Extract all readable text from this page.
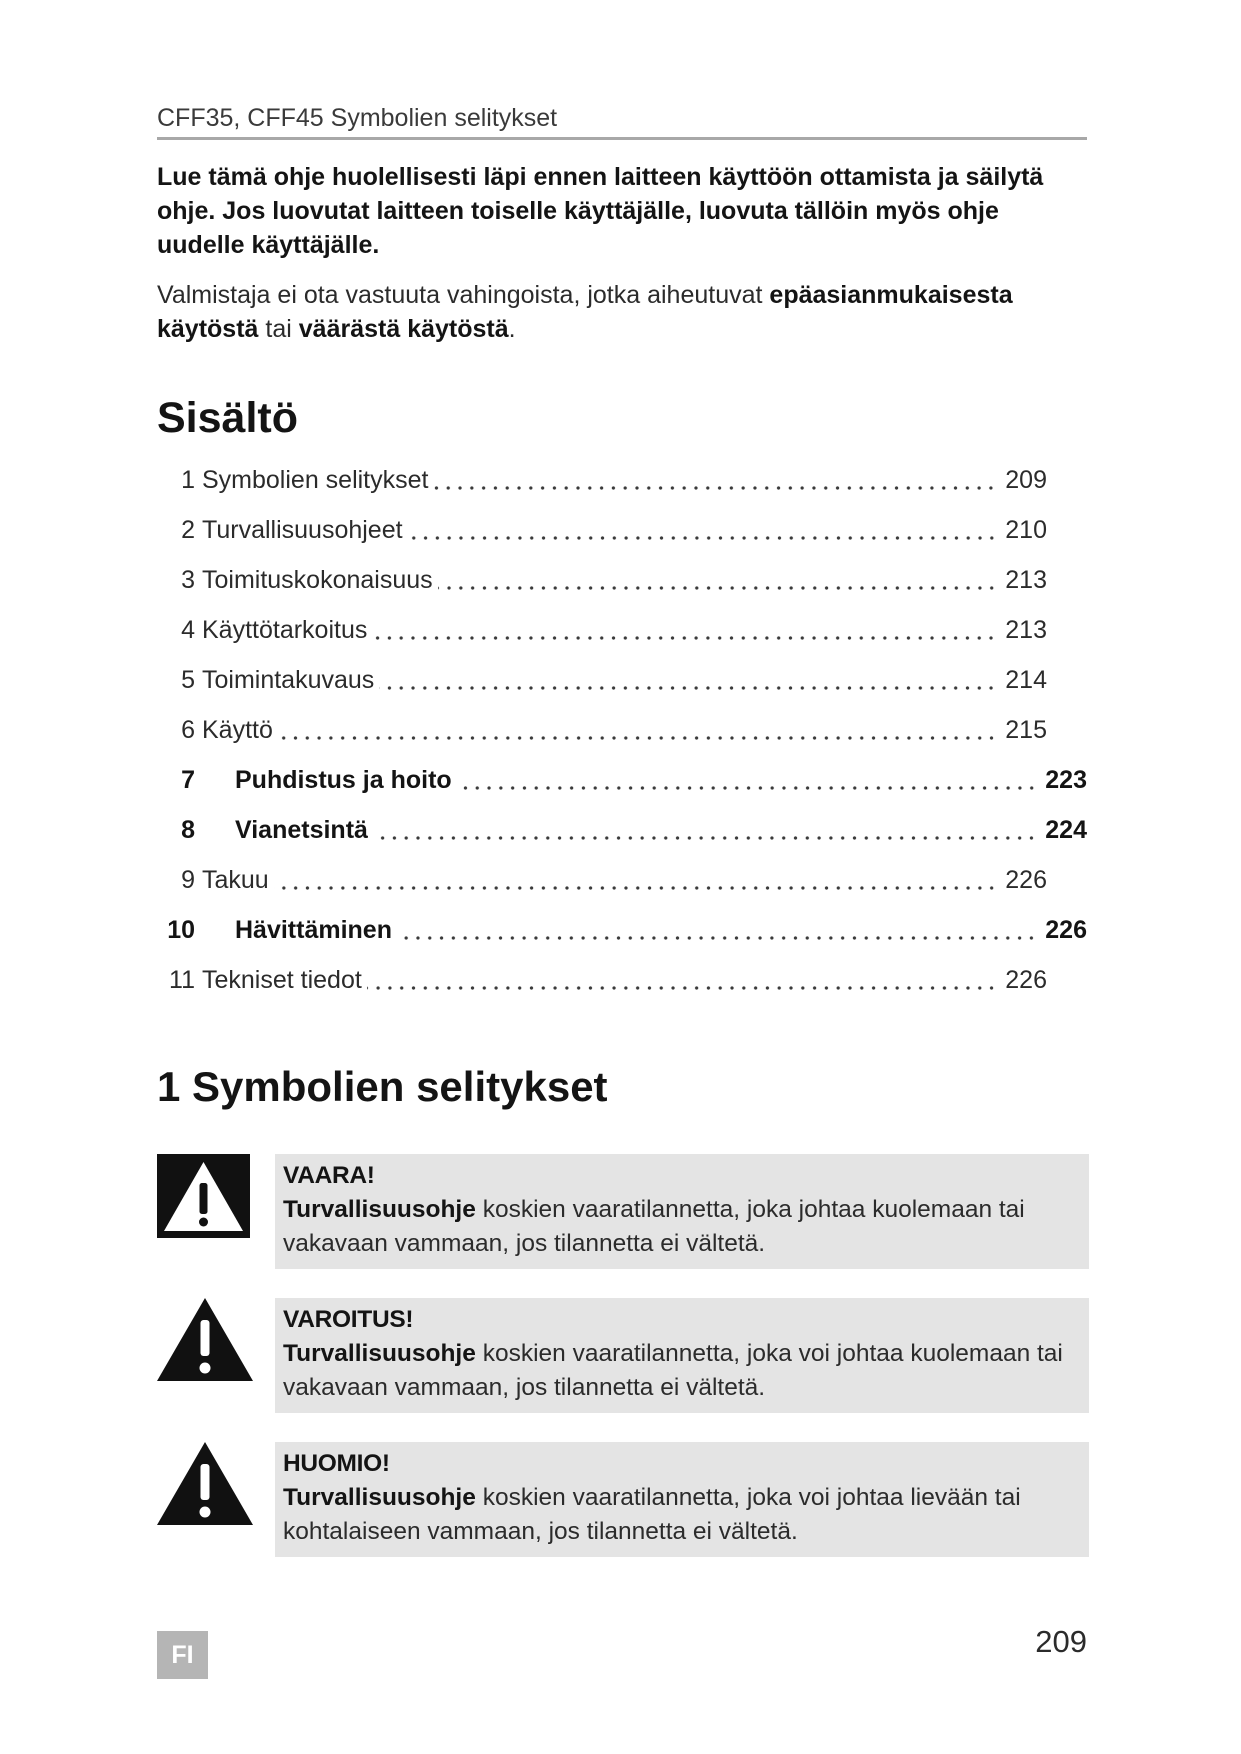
CFF35, CFF45 Symbolien selitykset
Lue tämä ohje huolellisesti läpi ennen laitteen käyttöön ottamista ja säilytä
ohje. Jos luovutat laitteen toiselle käyttäjälle, luovuta tällöin myös ohje
uudelle käyttäjälle.
Valmistaja ei ota vastuuta vahingoista, jotka aiheutuvat epäasianmukaisesta
käytöstä tai väärästä käytöstä.
Sisältö
1 Symbolien selitykset	209
2 Turvallisuusohjeet	210
3 Toimituskokonaisuus	213
4 Käyttötarkoitus	213
5 Toimintakuvaus	214
6 Käyttö	215
7 Puhdistus ja hoito	223
8 Vianetsintä	224
9 Takuu	226
10 Hävittäminen	226
11 Tekniset tiedot	226
1 Symbolien selitykset
VAARA!
Turvallisuusohje koskien vaaratilannetta, joka johtaa kuolemaan tai
vakavaan vammaan, jos tilannetta ei vältetä.
VAROITUS!
Turvallisuusohje koskien vaaratilannetta, joka voi johtaa kuolemaan tai
vakavaan vammaan, jos tilannetta ei vältetä.
HUOMIO!
Turvallisuusohje koskien vaaratilannetta, joka voi johtaa lievään tai
kohtalaiseen vammaan, jos tilannetta ei vältetä.
FI	209
